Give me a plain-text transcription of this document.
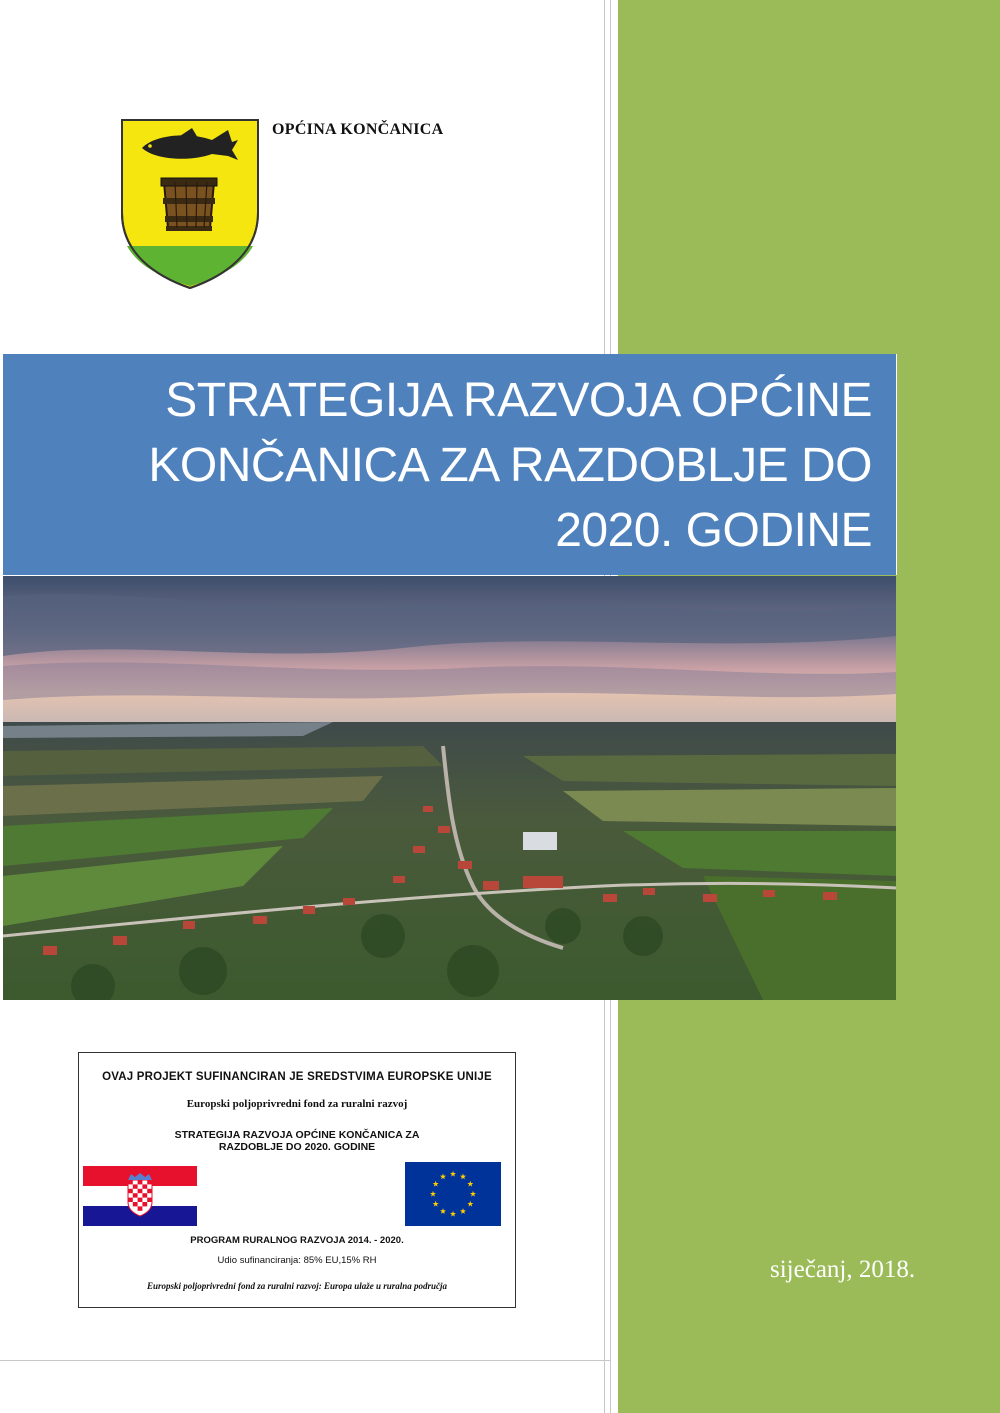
OPĆINA KONČANICA
STRATEGIJA RAZVOJA OPĆINE
KONČANICA ZA RAZDOBLJE DO
2020. GODINE
OVAJ PROJEKT SUFINANCIRAN JE SREDSTVIMA EUROPSKE UNIJE
Europski poljoprivredni fond za ruralni razvoj
STRATEGIJA RAZVOJA OPĆINE KONČANICA ZA
RAZDOBLJE DO 2020. GODINE
PROGRAM RURALNOG RAZVOJA 2014. - 2020.
Udio sufinanciranja: 85% EU,15% RH
Europski poljoprivredni fond za ruralni razvoj: Europa ulaže u ruralna područja
siječanj, 2018.
